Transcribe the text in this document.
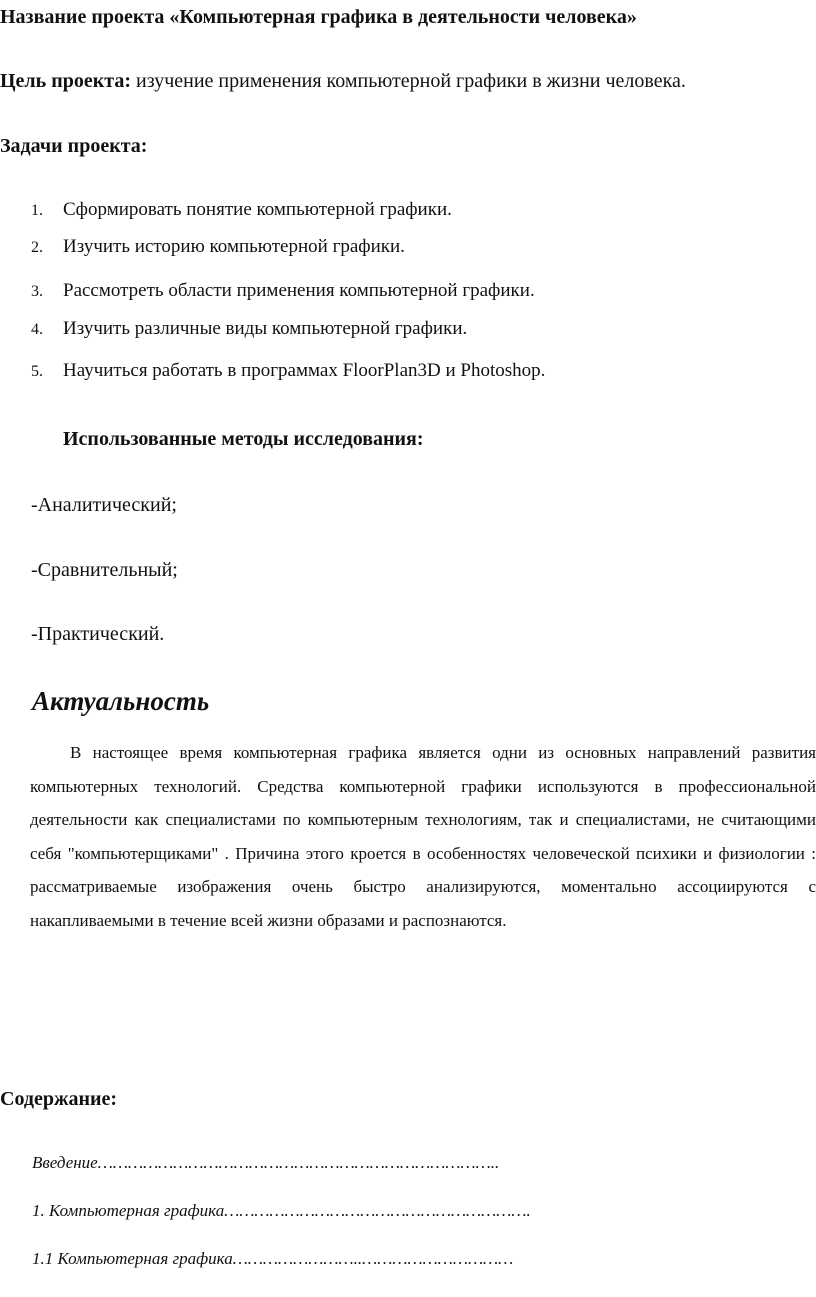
Название проекта «Компьютерная графика в деятельности человека»
Цель проекта: изучение применения компьютерной графики в жизни человека.
Задачи проекта:
1. Сформировать понятие компьютерной графики.
2. Изучить историю компьютерной графики.
3. Рассмотреть области применения компьютерной графики.
4. Изучить различные виды компьютерной графики.
5. Научиться работать в программах FloorPlan3D и Photoshop.
Использованные методы исследования:
-Аналитический;
-Сравнительный;
-Практический.
Актуальность
В настоящее время компьютерная графика является одни из основных направлений развития компьютерных технологий. Средства компьютерной графики используются в профессиональной деятельности как специалистами по компьютерным технологиям, так и специалистами, не считающими себя "компьютерщиками" . Причина этого кроется в особенностях человеческой психики и физиологии : рассматриваемые изображения очень быстро анализируются, моментально ассоциируются с накапливаемыми в течение всей жизни образами и распознаются.
Содержание:
Введение……………………………………………………………………..
1. Компьютерная графика…………………………………………………….
1.1 Компьютерная графика……………………..…………………………
